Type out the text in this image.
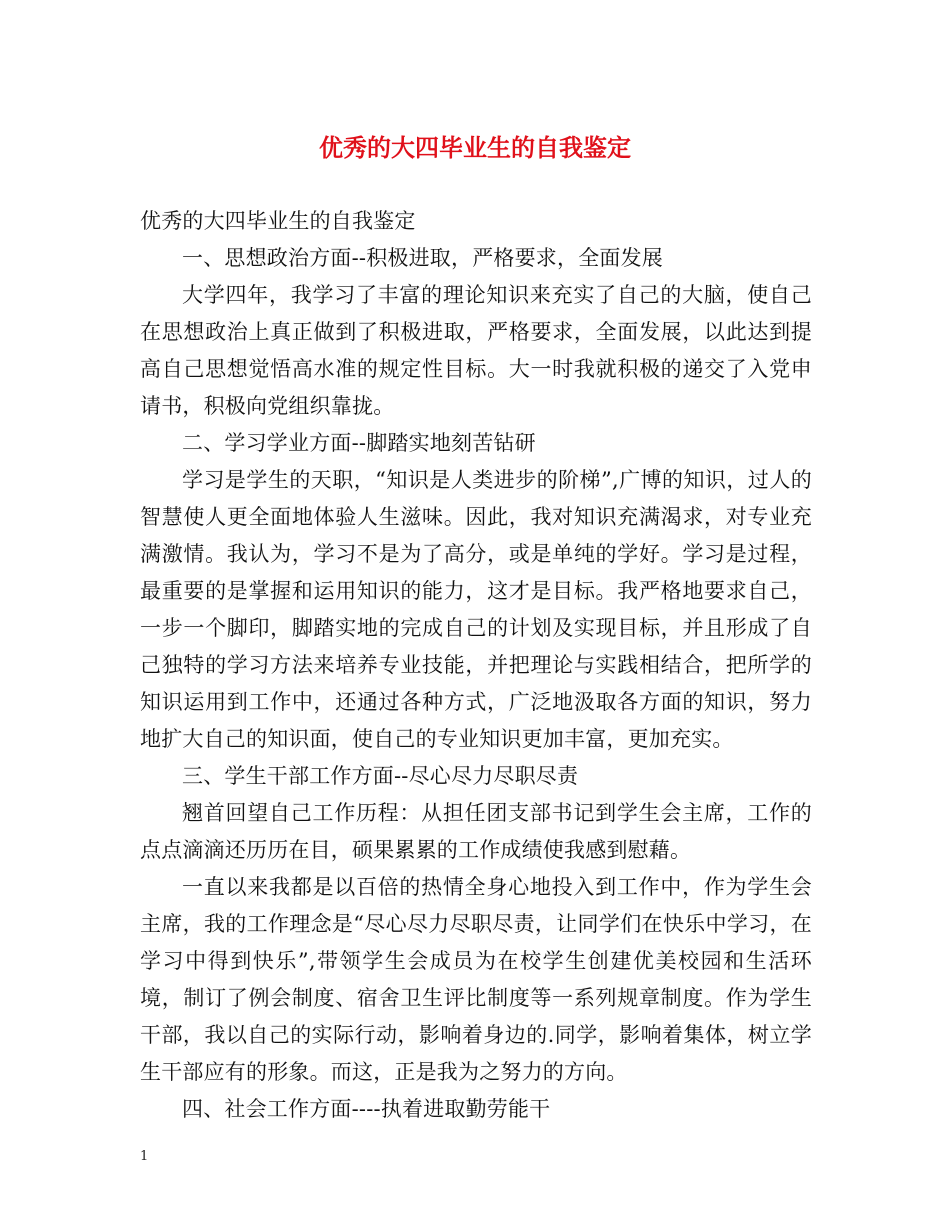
优秀的大四毕业生的自我鉴定

优秀的大四毕业生的自我鉴定

一、思想政治方面--积极进取，严格要求，全面发展

大学四年，我学习了丰富的理论知识来充实了自己的大脑，使自己在思想政治上真正做到了积极进取，严格要求，全面发展，以此达到提高自己思想觉悟高水准的规定性目标。大一时我就积极的递交了入党申请书，积极向党组织靠拢。

二、学习学业方面--脚踏实地刻苦钻研

学习是学生的天职，“知识是人类进步的阶梯”,广博的知识，过人的智慧使人更全面地体验人生滋味。因此，我对知识充满渴求，对专业充满激情。我认为，学习不是为了高分，或是单纯的学好。学习是过程，最重要的是掌握和运用知识的能力，这才是目标。我严格地要求自己，一步一个脚印，脚踏实地的完成自己的计划及实现目标，并且形成了自己独特的学习方法来培养专业技能，并把理论与实践相结合，把所学的知识运用到工作中，还通过各种方式，广泛地汲取各方面的知识，努力地扩大自己的知识面，使自己的专业知识更加丰富，更加充实。

三、学生干部工作方面--尽心尽力尽职尽责

翘首回望自己工作历程：从担任团支部书记到学生会主席，工作的点点滴滴还历历在目，硕果累累的工作成绩使我感到慰藉。

一直以来我都是以百倍的热情全身心地投入到工作中，作为学生会主席，我的工作理念是“尽心尽力尽职尽责，让同学们在快乐中学习，在学习中得到快乐”,带领学生会成员为在校学生创建优美校园和生活环境，制订了例会制度、宿舍卫生评比制度等一系列规章制度。作为学生干部，我以自己的实际行动，影响着身边的.同学，影响着集体，树立学生干部应有的形象。而这，正是我为之努力的方向。

四、社会工作方面----执着进取勤劳能干

1
